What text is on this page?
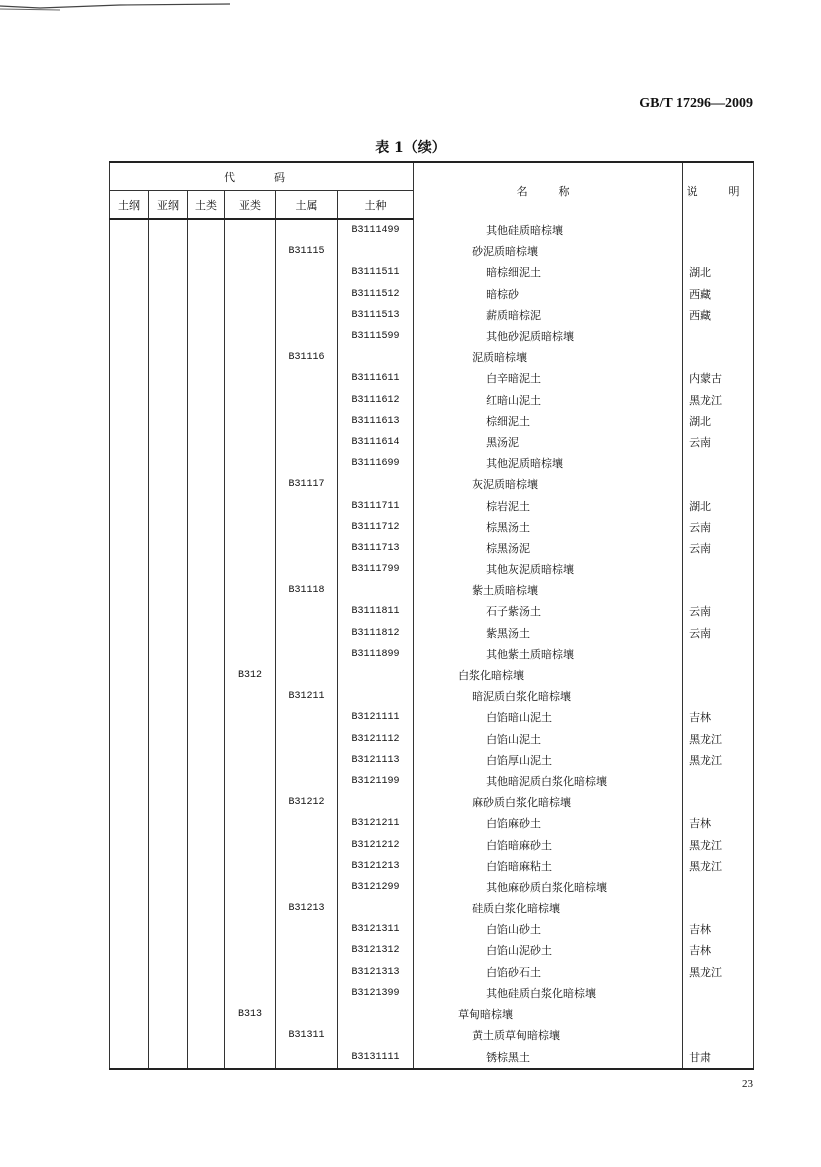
GB/T 17296—2009
表 1（续）
代　码						名　称	说　明
土纲	亚纲	土类	亚类	土属	土种		
					B3111499	其他硅质暗棕壤	
				B31115		砂泥质暗棕壤	
					B3111511	暗棕细泥土	湖北
					B3111512	暗棕砂	西藏
					B3111513	薪质暗棕泥	西藏
					B3111599	其他砂泥质暗棕壤	
				B31116		泥质暗棕壤	
					B3111611	白辛暗泥土	内蒙古
					B3111612	红暗山泥土	黑龙江
					B3111613	棕细泥土	湖北
					B3111614	黑汤泥	云南
					B3111699	其他泥质暗棕壤	
				B31117		灰泥质暗棕壤	
					B3111711	棕岩泥土	湖北
					B3111712	棕黑汤土	云南
					B3111713	棕黑汤泥	云南
					B3111799	其他灰泥质暗棕壤	
				B31118		紫土质暗棕壤	
					B3111811	石子紫汤土	云南
					B3111812	紫黑汤土	云南
					B3111899	其他紫土质暗棕壤	
			B312			白浆化暗棕壤	
				B31211		暗泥质白浆化暗棕壤	
					B3121111	白馅暗山泥土	吉林
					B3121112	白馅山泥土	黑龙江
					B3121113	白馅厚山泥土	黑龙江
					B3121199	其他暗泥质白浆化暗棕壤	
				B31212		麻砂质白浆化暗棕壤	
					B3121211	白馅麻砂土	吉林
					B3121212	白馅暗麻砂土	黑龙江
					B3121213	白馅暗麻粘土	黑龙江
					B3121299	其他麻砂质白浆化暗棕壤	
				B31213		硅质白浆化暗棕壤	
					B3121311	白馅山砂土	吉林
					B3121312	白馅山泥砂土	吉林
					B3121313	白馅砂石土	黑龙江
					B3121399	其他硅质白浆化暗棕壤	
			B313			草甸暗棕壤	
				B31311		黄土质草甸暗棕壤	
					B3131111	锈棕黑土	甘肃
23
